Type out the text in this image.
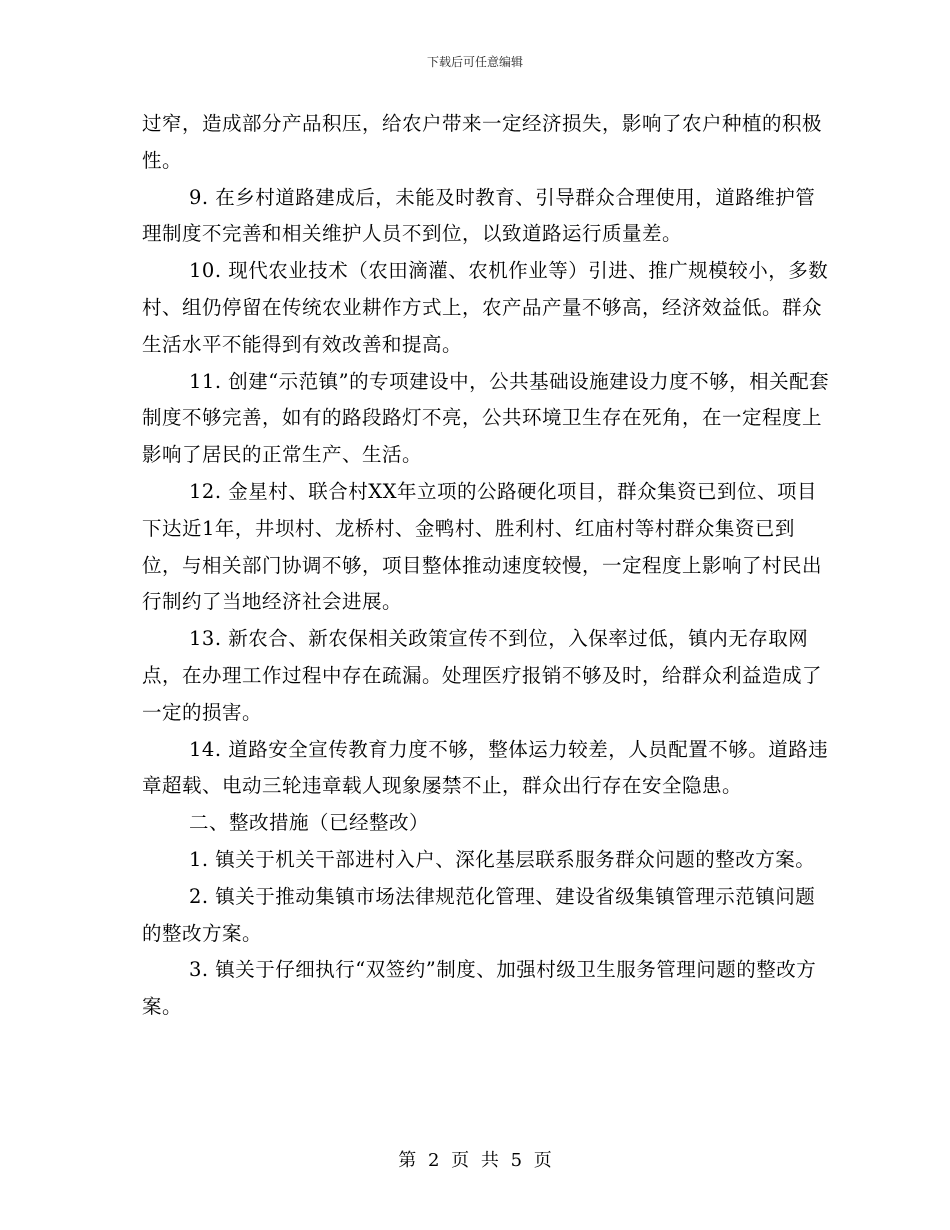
下载后可任意编辑

过窄，造成部分产品积压，给农户带来一定经济损失，影响了农户种植的积极性。

9. 在乡村道路建成后，未能及时教育、引导群众合理使用，道路维护管理制度不完善和相关维护人员不到位，以致道路运行质量差。

10. 现代农业技术（农田滴灌、农机作业等）引进、推广规模较小，多数村、组仍停留在传统农业耕作方式上，农产品产量不够高，经济效益低。群众生活水平不能得到有效改善和提高。

11. 创建“示范镇”的专项建设中，公共基础设施建设力度不够，相关配套制度不够完善，如有的路段路灯不亮，公共环境卫生存在死角，在一定程度上影响了居民的正常生产、生活。

12. 金星村、联合村XX年立项的公路硬化项目，群众集资已到位、项目下达近1年，井坝村、龙桥村、金鸭村、胜利村、红庙村等村群众集资已到位，与相关部门协调不够，项目整体推动速度较慢，一定程度上影响了村民出行制约了当地经济社会进展。

13. 新农合、新农保相关政策宣传不到位，入保率过低，镇内无存取网点，在办理工作过程中存在疏漏。处理医疗报销不够及时，给群众利益造成了一定的损害。

14. 道路安全宣传教育力度不够，整体运力较差，人员配置不够。道路违章超载、电动三轮违章载人现象屡禁不止，群众出行存在安全隐患。

二、整改措施（已经整改）

1. 镇关于机关干部进村入户、深化基层联系服务群众问题的整改方案。

2. 镇关于推动集镇市场法律规范化管理、建设省级集镇管理示范镇问题的整改方案。

3. 镇关于仔细执行“双签约”制度、加强村级卫生服务管理问题的整改方案。

第 2 页 共 5 页
